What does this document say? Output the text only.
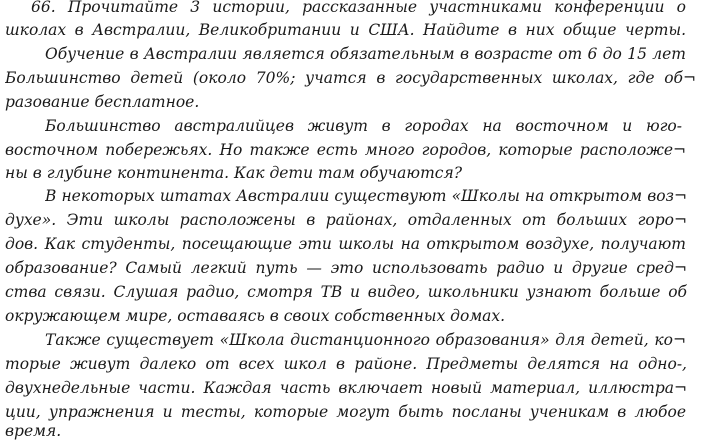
66. Прочитайте 3 истории, рассказанные участниками конференции о
школах в Австралии, Великобритании и США. Найдите в них общие черты.
Обучение в Австралии является обязательным в возрасте от 6 до 15 лет
Большинство детей (около 70%; учатся в государственных школах, где об¬
разование бесплатное.
Большинство австралийцев живут в городах на восточном и юго-
восточном побережьях. Но также есть много городов, которые расположе¬
ны в глубине континента. Как дети там обучаются?
В некоторых штатах Австралии существуют «Школы на открытом воз¬
духе». Эти школы расположены в районах, отдаленных от больших горо¬
дов. Как студенты, посещающие эти школы на открытом воздухе, получают
образование? Самый легкий путь — это использовать радио и другие сред¬
ства связи. Слушая радио, смотря ТВ и видео, школьники узнают больше об
окружающем мире, оставаясь в своих собственных домах.
Также существует «Школа дистанционного образования» для детей, ко¬
торые живут далеко от всех школ в районе. Предметы делятся на одно-,
двухнедельные части. Каждая часть включает новый материал, иллюстра¬
ции, упражнения и тесты, которые могут быть посланы ученикам в любое
время.
